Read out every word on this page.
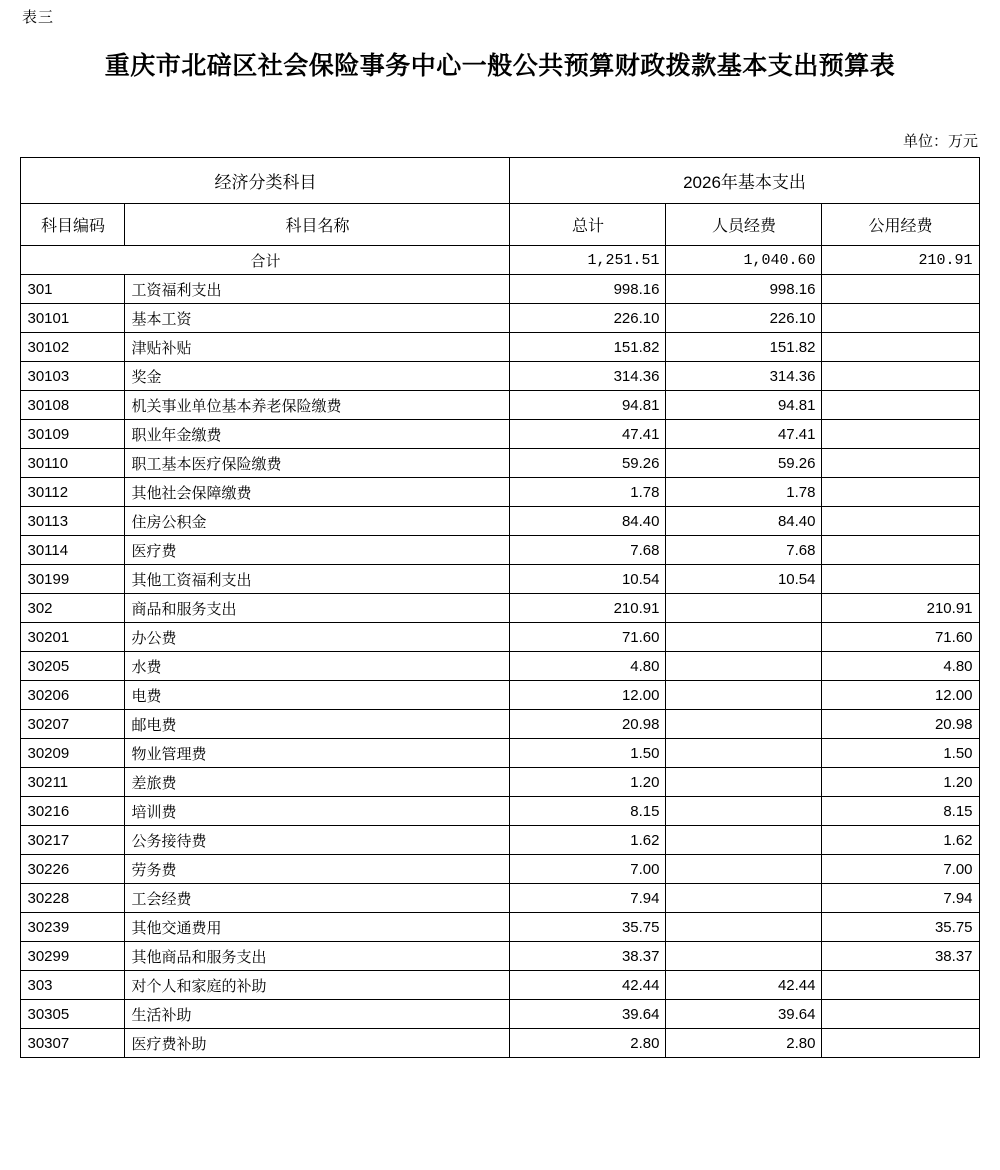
表三
重庆市北碚区社会保险事务中心一般公共预算财政拨款基本支出预算表
单位：万元
经济分类科目		2026年基本支出		
科目编码	科目名称	总计	人员经费	公用经费
合计		1,251.51	1,040.60	210.91
301	工资福利支出	998.16	998.16	
30101	基本工资	226.10	226.10	
30102	津贴补贴	151.82	151.82	
30103	奖金	314.36	314.36	
30108	机关事业单位基本养老保险缴费	94.81	94.81	
30109	职业年金缴费	47.41	47.41	
30110	职工基本医疗保险缴费	59.26	59.26	
30112	其他社会保障缴费	1.78	1.78	
30113	住房公积金	84.40	84.40	
30114	医疗费	7.68	7.68	
30199	其他工资福利支出	10.54	10.54	
302	商品和服务支出	210.91		210.91
30201	办公费	71.60		71.60
30205	水费	4.80		4.80
30206	电费	12.00		12.00
30207	邮电费	20.98		20.98
30209	物业管理费	1.50		1.50
30211	差旅费	1.20		1.20
30216	培训费	8.15		8.15
30217	公务接待费	1.62		1.62
30226	劳务费	7.00		7.00
30228	工会经费	7.94		7.94
30239	其他交通费用	35.75		35.75
30299	其他商品和服务支出	38.37		38.37
303	对个人和家庭的补助	42.44	42.44	
30305	生活补助	39.64	39.64	
30307	医疗费补助	2.80	2.80	
